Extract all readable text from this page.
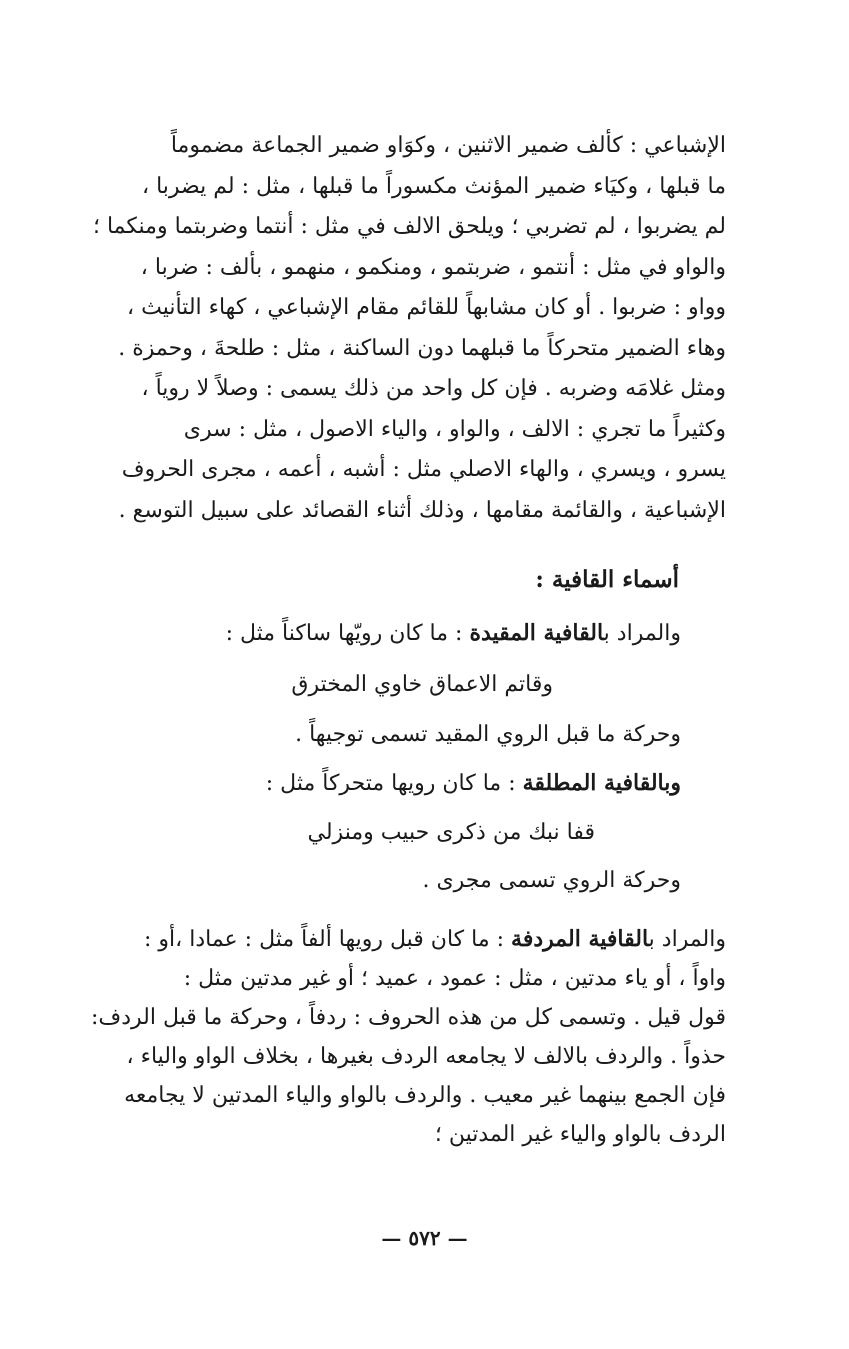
الإشباعي : كألف ضمير الاثنين ، وكوَاو ضمير الجماعة مضموماً
ما قبلها ، وكيَاء ضمير المؤنث مكسوراً ما قبلها ، مثل : لم يضربا ،
لم يضربوا ، لم تضربي ؛ ويلحق الالف في مثل : أنتما وضربتما ومنكما ؛
والواو في مثل : أنتمو ، ضربتمو ، ومنكمو ، منهمو ، بألف : ضربا ،
وواو : ضربوا . أو كان مشابهاً للقائم مقام الإشباعي ، كهاء التأنيث ،
وهاء الضمير متحركاً ما قبلهما دون الساكنة ، مثل : طلحةَ ، وحمزة .
ومثل غلامَه وضربه . فإن كل واحد من ذلك يسمى : وصلاً لا روياً ،
وكثيراً ما تجري : الالف ، والواو ، والياء الاصول ، مثل : سرى
يسرو ، ويسري ، والهاء الاصلي مثل : أشبه ، أعمه ، مجرى الحروف
الإشباعية ، والقائمة مقامها ، وذلك أثناء القصائد على سبيل التوسع .
أسماء القافية :
والمراد بالقافية المقيدة : ما كان رويّها ساكناً مثل :
وقاتم الاعماق خاوي المخترق
وحركة ما قبل الروي المقيد تسمى توجيهاً .
وبالقافية المطلقة : ما كان رويها متحركاً مثل :
قفا نبك من ذكرى حبيب ومنزلي
وحركة الروي تسمى مجرى .
والمراد بالقافية المردفة : ما كان قبل رويها ألفاً مثل : عمادا ،أو :
واواً ، أو ياء مدتين ، مثل : عمود ، عميد ؛ أو غير مدتين مثل :
قول قيل . وتسمى كل من هذه الحروف : ردفاً ، وحركة ما قبل الردف:
حذواً . والردف بالالف لا يجامعه الردف بغيرها ، بخلاف الواو والياء ،
فإن الجمع بينهما غير معيب . والردف بالواو والياء المدتين لا يجامعه
الردف بالواو والياء غير المدتين ؛
— ٥٧٢ —
